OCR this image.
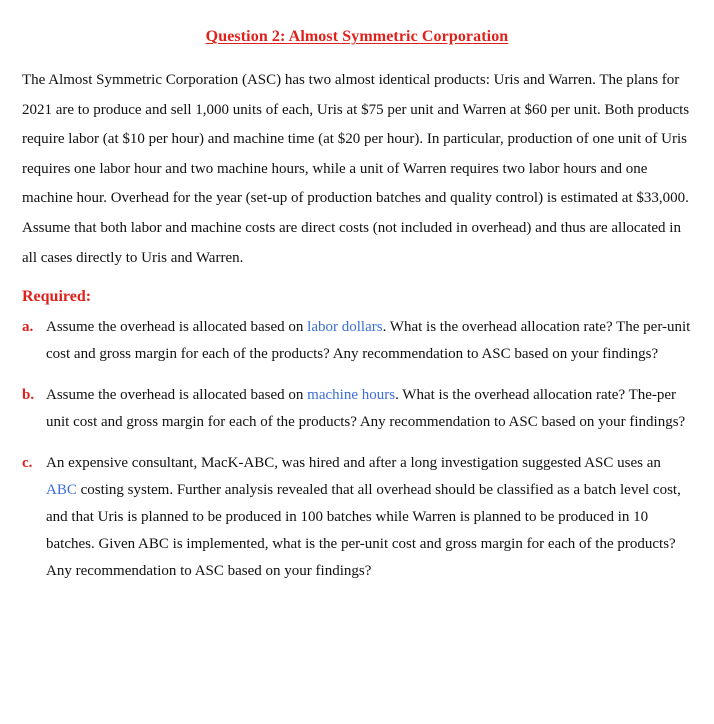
Question 2: Almost Symmetric Corporation

The Almost Symmetric Corporation (ASC) has two almost identical products: Uris and Warren. The plans for 2021 are to produce and sell 1,000 units of each, Uris at $75 per unit and Warren at $60 per unit. Both products require labor (at $10 per hour) and machine time (at $20 per hour). In particular, production of one unit of Uris requires one labor hour and two machine hours, while a unit of Warren requires two labor hours and one machine hour. Overhead for the year (set-up of production batches and quality control) is estimated at $33,000. Assume that both labor and machine costs are direct costs (not included in overhead) and thus are allocated in all cases directly to Uris and Warren.

Required:
a. Assume the overhead is allocated based on labor dollars. What is the overhead allocation rate? The per-unit cost and gross margin for each of the products? Any recommendation to ASC based on your findings?
b. Assume the overhead is allocated based on machine hours. What is the overhead allocation rate? The-per unit cost and gross margin for each of the products? Any recommendation to ASC based on your findings?
c. An expensive consultant, MacK-ABC, was hired and after a long investigation suggested ASC uses an ABC costing system. Further analysis revealed that all overhead should be classified as a batch level cost, and that Uris is planned to be produced in 100 batches while Warren is planned to be produced in 10 batches. Given ABC is implemented, what is the per-unit cost and gross margin for each of the products? Any recommendation to ASC based on your findings?
